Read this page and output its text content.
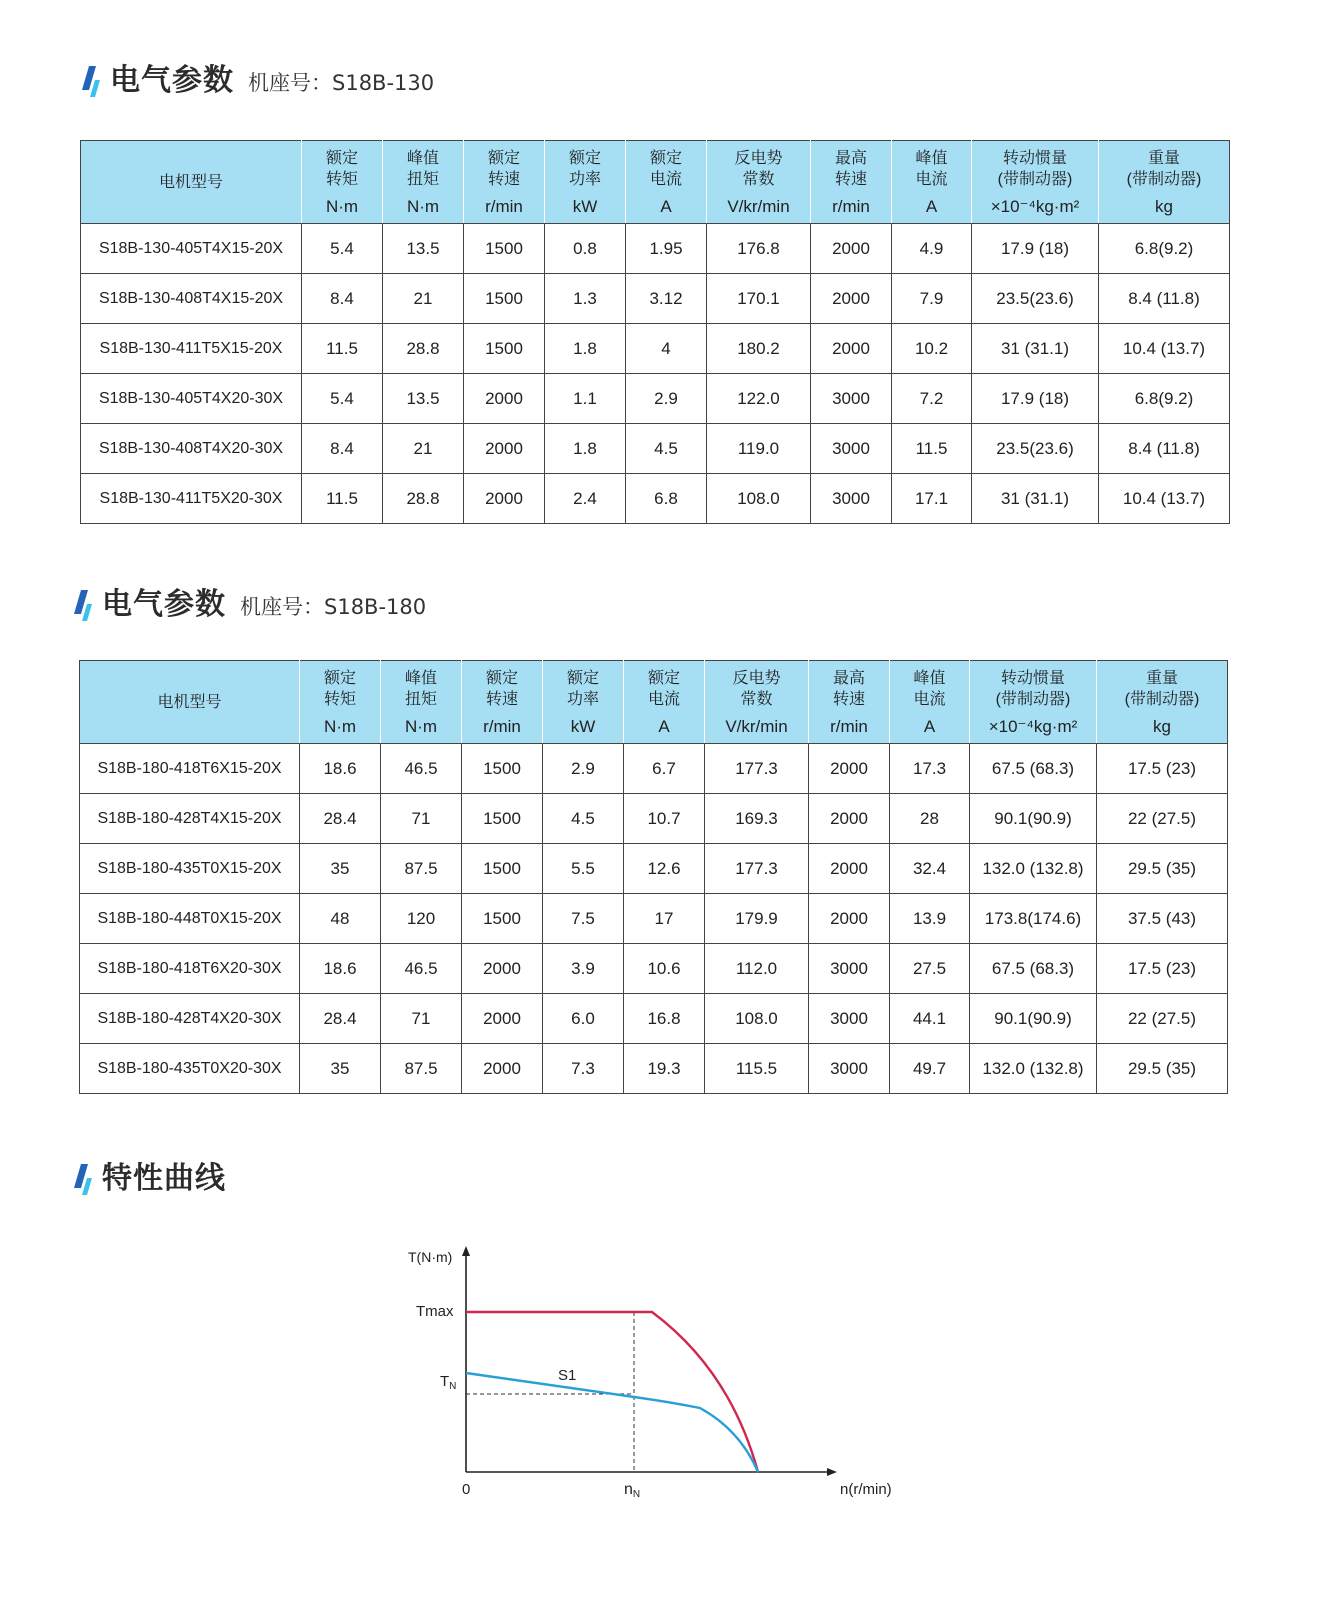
电气参数 机座号：S18B-130
电机型号	额定
转矩
N·m	峰值
扭矩
N·m	额定
转速
r/min	额定
功率
kW	额定
电流
A	反电势
常数
V/kr/min	最高
转速
r/min	峰值
电流
A	转动惯量
(带制动器)
×10⁻⁴kg·m²	重量
(带制动器)
kg

S18B-130-405T4X15-20X	5.4	13.5	1500	0.8	1.95	176.8	2000	4.9	17.9 (18)	6.8(9.2)
S18B-130-408T4X15-20X	8.4	21	1500	1.3	3.12	170.1	2000	7.9	23.5(23.6)	8.4 (11.8)
S18B-130-411T5X15-20X	11.5	28.8	1500	1.8	4	180.2	2000	10.2	31 (31.1)	10.4 (13.7)
S18B-130-405T4X20-30X	5.4	13.5	2000	1.1	2.9	122.0	3000	7.2	17.9 (18)	6.8(9.2)
S18B-130-408T4X20-30X	8.4	21	2000	1.8	4.5	119.0	3000	11.5	23.5(23.6)	8.4 (11.8)
S18B-130-411T5X20-30X	11.5	28.8	2000	2.4	6.8	108.0	3000	17.1	31 (31.1)	10.4 (13.7)
电气参数 机座号：S18B-180
电机型号	额定
转矩
N·m	峰值
扭矩
N·m	额定
转速
r/min	额定
功率
kW	额定
电流
A	反电势
常数
V/kr/min	最高
转速
r/min	峰值
电流
A	转动惯量
(带制动器)
×10⁻⁴kg·m²	重量
(带制动器)
kg

S18B-180-418T6X15-20X	18.6	46.5	1500	2.9	6.7	177.3	2000	17.3	67.5 (68.3)	17.5 (23)
S18B-180-428T4X15-20X	28.4	71	1500	4.5	10.7	169.3	2000	28	90.1(90.9)	22 (27.5)
S18B-180-435T0X15-20X	35	87.5	1500	5.5	12.6	177.3	2000	32.4	132.0 (132.8)	29.5 (35)
S18B-180-448T0X15-20X	48	120	1500	7.5	17	179.9	2000	13.9	173.8(174.6)	37.5 (43)
S18B-180-418T6X20-30X	18.6	46.5	2000	3.9	10.6	112.0	3000	27.5	67.5 (68.3)	17.5 (23)
S18B-180-428T4X20-30X	28.4	71	2000	6.0	16.8	108.0	3000	44.1	90.1(90.9)	22 (27.5)
S18B-180-435T0X20-30X	35	87.5	2000	7.3	19.3	115.5	3000	49.7	132.0 (132.8)	29.5 (35)
特性曲线
T(N·m)
Tmax
$T_N$
S1
0	nN	n(r/min)
